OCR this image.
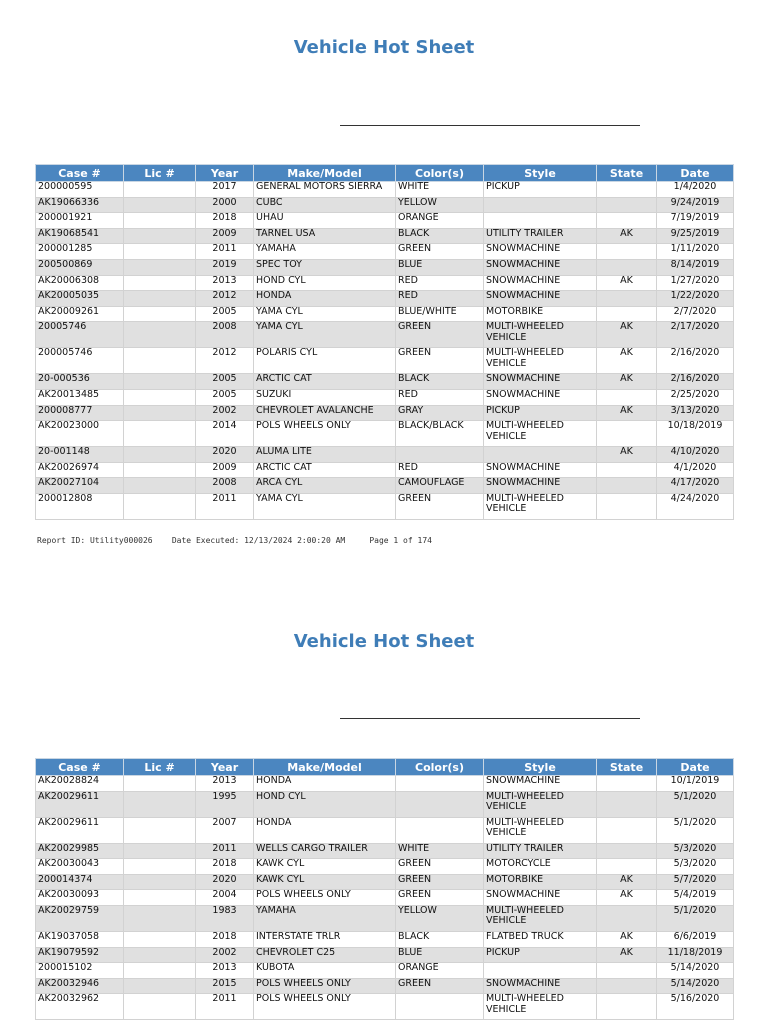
Vehicle Hot Sheet
Case #	Lic #	Year	Make/Model	Color(s)	Style	State	Date
200000595		2017	GENERAL MOTORS SIERRA	WHITE	PICKUP		1/4/2020
AK19066336		2000	CUBC	YELLOW			9/24/2019
200001921		2018	UHAU	ORANGE			7/19/2019
AK19068541		2009	TARNEL USA	BLACK	UTILITY TRAILER	AK	9/25/2019
200001285		2011	YAMAHA	GREEN	SNOWMACHINE		1/11/2020
200500869		2019	SPEC TOY	BLUE	SNOWMACHINE		8/14/2019
AK20006308		2013	HOND CYL	RED	SNOWMACHINE	AK	1/27/2020
AK20005035		2012	HONDA	RED	SNOWMACHINE		1/22/2020
AK20009261		2005	YAMA CYL	BLUE/WHITE	MOTORBIKE		2/7/2020
20005746		2008	YAMA CYL	GREEN	MULTI-WHEELED VEHICLE	AK	2/17/2020
200005746		2012	POLARIS CYL	GREEN	MULTI-WHEELED VEHICLE	AK	2/16/2020
20-000536		2005	ARCTIC CAT	BLACK	SNOWMACHINE	AK	2/16/2020
AK20013485		2005	SUZUKI	RED	SNOWMACHINE		2/25/2020
200008777		2002	CHEVROLET AVALANCHE	GRAY	PICKUP	AK	3/13/2020
AK20023000		2014	POLS WHEELS ONLY	BLACK/BLACK	MULTI-WHEELED VEHICLE		10/18/2019
20-001148		2020	ALUMA LITE			AK	4/10/2020
AK20026974		2009	ARCTIC CAT	RED	SNOWMACHINE		4/1/2020
AK20027104		2008	ARCA CYL	CAMOUFLAGE	SNOWMACHINE		4/17/2020
200012808		2011	YAMA CYL	GREEN	MULTI-WHEELED VEHICLE		4/24/2020
Report ID: Utility000026    Date Executed: 12/13/2024 2:00:20 AM     Page 1 of 174
Vehicle Hot Sheet
Case #	Lic #	Year	Make/Model	Color(s)	Style	State	Date
AK20028824		2013	HONDA		SNOWMACHINE		10/1/2019
AK20029611		1995	HOND CYL		MULTI-WHEELED VEHICLE		5/1/2020
AK20029611		2007	HONDA		MULTI-WHEELED VEHICLE		5/1/2020
AK20029985		2011	WELLS CARGO TRAILER	WHITE	UTILITY TRAILER		5/3/2020
AK20030043		2018	KAWK CYL	GREEN	MOTORCYCLE		5/3/2020
200014374		2020	KAWK CYL	GREEN	MOTORBIKE	AK	5/7/2020
AK20030093		2004	POLS WHEELS ONLY	GREEN	SNOWMACHINE	AK	5/4/2019
AK20029759		1983	YAMAHA	YELLOW	MULTI-WHEELED VEHICLE		5/1/2020
AK19037058		2018	INTERSTATE TRLR	BLACK	FLATBED TRUCK	AK	6/6/2019
AK19079592		2002	CHEVROLET C25	BLUE	PICKUP	AK	11/18/2019
200015102		2013	KUBOTA	ORANGE			5/14/2020
AK20032946		2015	POLS WHEELS ONLY	GREEN	SNOWMACHINE		5/14/2020
AK20032962		2011	POLS WHEELS ONLY		MULTI-WHEELED VEHICLE		5/16/2020
